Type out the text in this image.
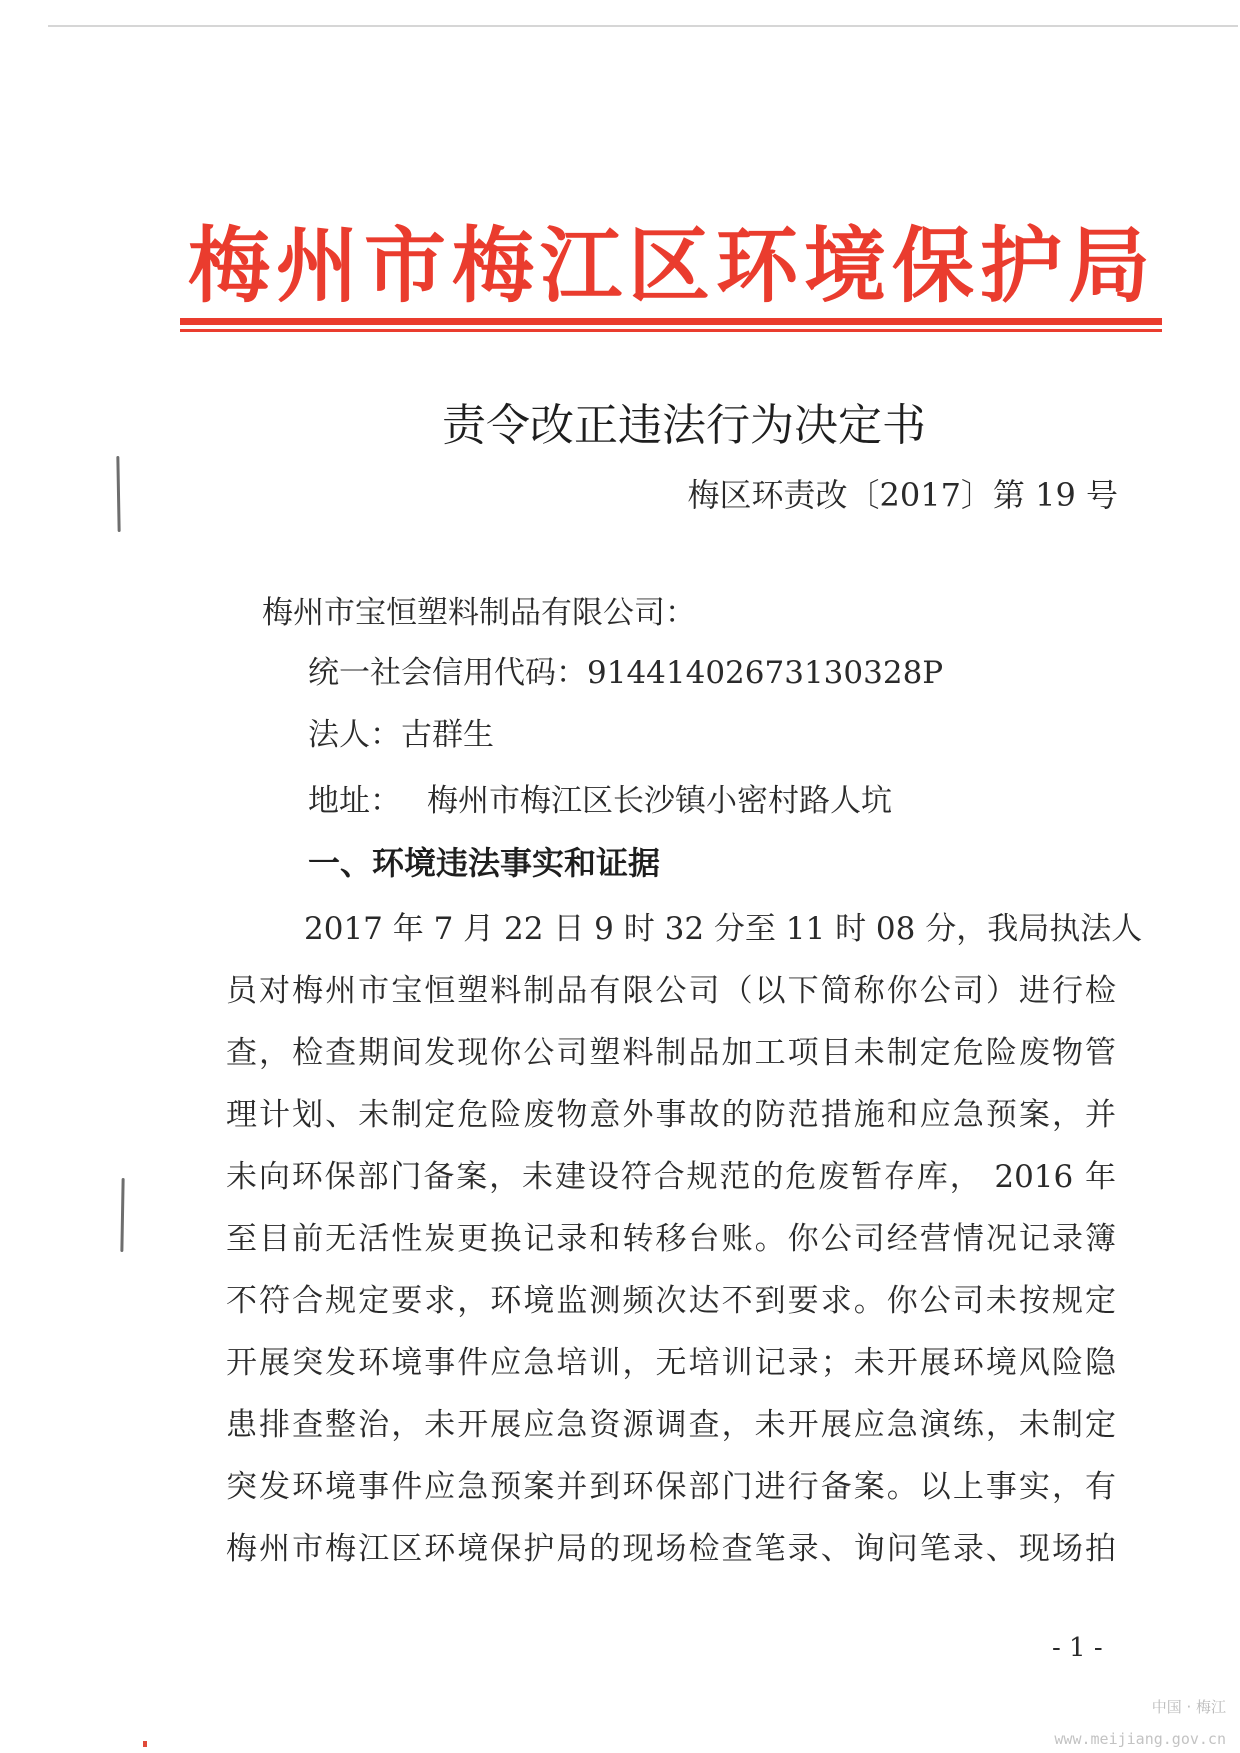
梅州市梅江区环境保护局
责令改正违法行为决定书
梅区环责改〔2017〕第 19 号
梅州市宝恒塑料制品有限公司：
统一社会信用代码：91441402673130328P
法人：古群生
地址： 梅州市梅江区长沙镇小密村路人坑
一、环境违法事实和证据
2017 年 7 月 22 日 9 时 32 分至 11 时 08 分，我局执法人
员对梅州市宝恒塑料制品有限公司（以下简称你公司）进行检
查，检查期间发现你公司塑料制品加工项目未制定危险废物管
理计划、未制定危险废物意外事故的防范措施和应急预案，并
未向环保部门备案，未建设符合规范的危废暂存库， 2016 年
至目前无活性炭更换记录和转移台账。你公司经营情况记录簿
不符合规定要求，环境监测频次达不到要求。你公司未按规定
开展突发环境事件应急培训，无培训记录；未开展环境风险隐
患排查整治，未开展应急资源调查，未开展应急演练，未制定
突发环境事件应急预案并到环保部门进行备案。以上事实，有
梅州市梅江区环境保护局的现场检查笔录、询问笔录、现场拍
- 1 -
中国 · 梅江
www.meijiang.gov.cn
